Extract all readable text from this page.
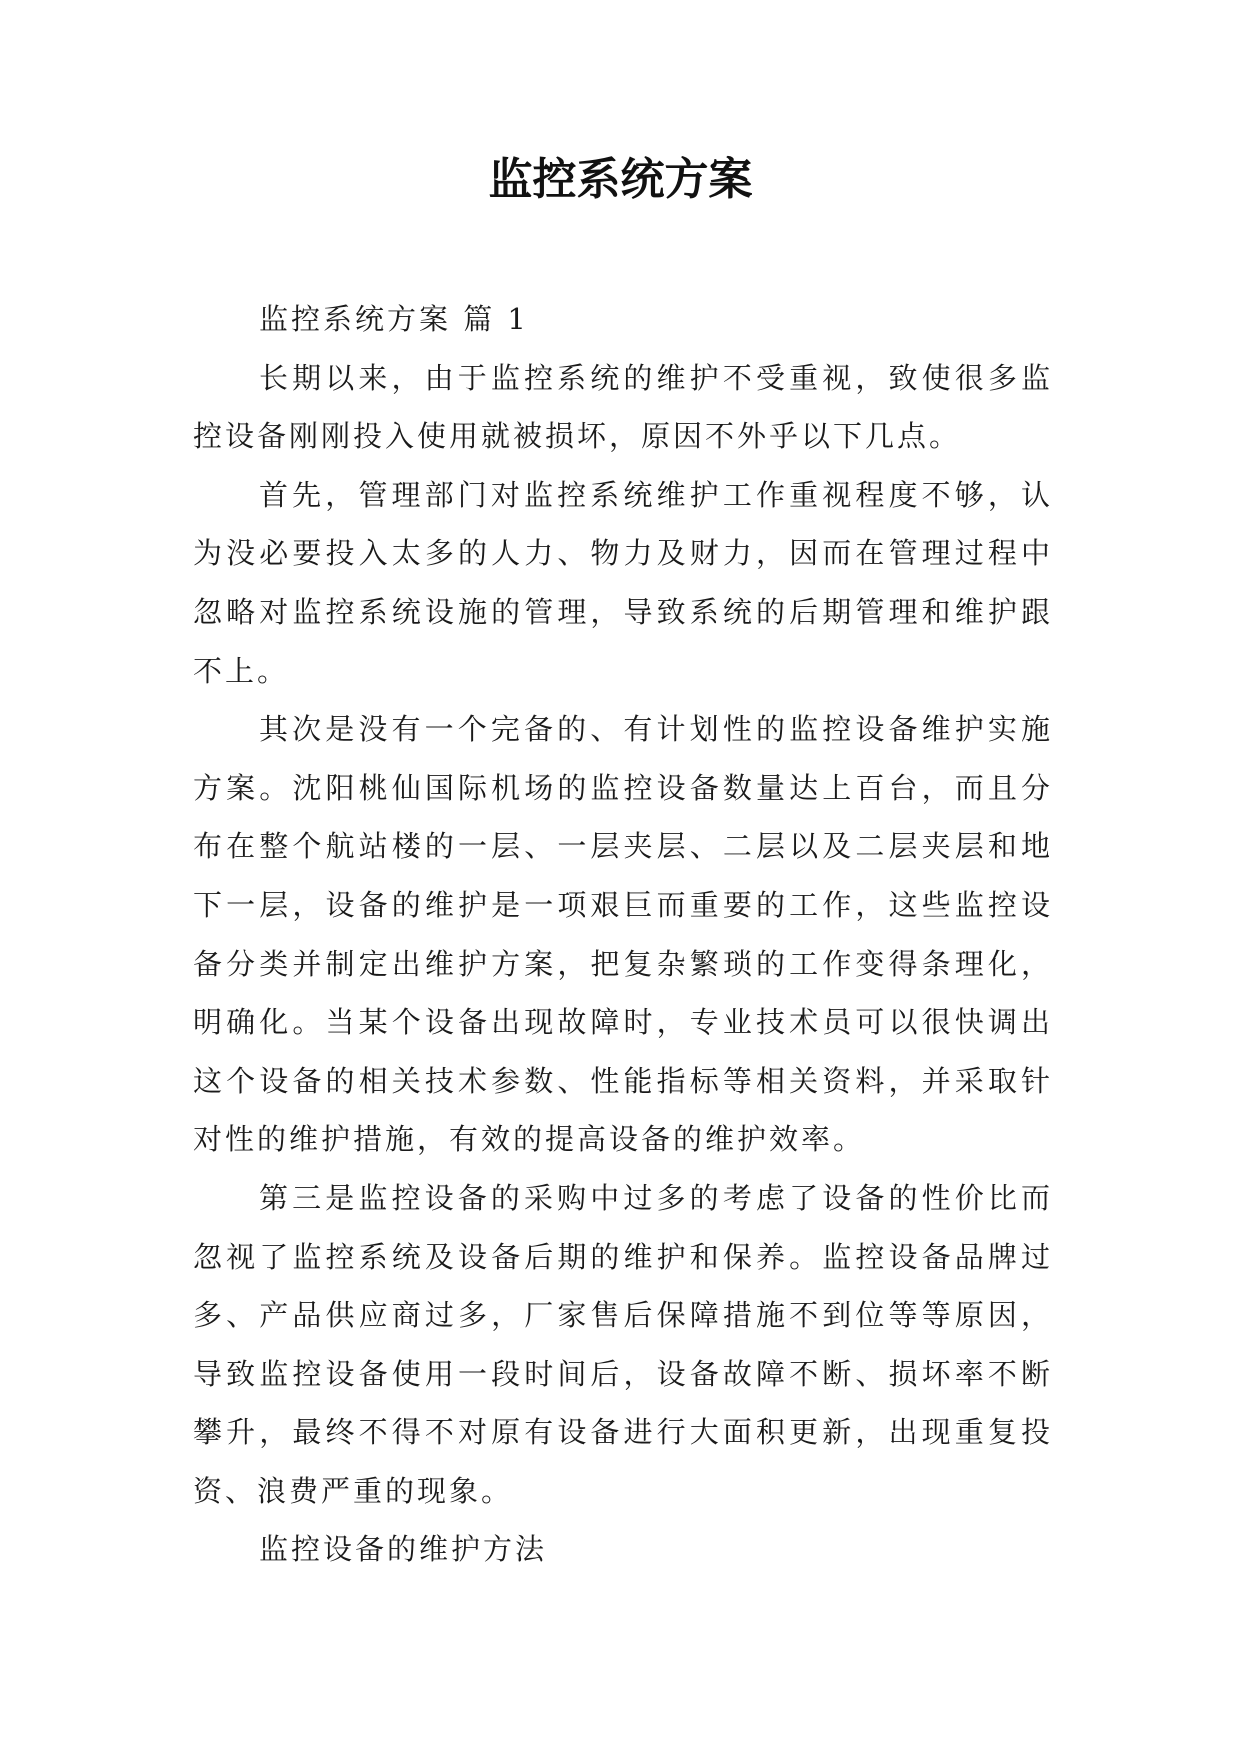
监控系统方案

监控系统方案 篇 1

长期以来，由于监控系统的维护不受重视，致使很多监控设备刚刚投入使用就被损坏，原因不外乎以下几点。

首先，管理部门对监控系统维护工作重视程度不够，认为没必要投入太多的人力、物力及财力，因而在管理过程中忽略对监控系统设施的管理，导致系统的后期管理和维护跟不上。

其次是没有一个完备的、有计划性的监控设备维护实施方案。沈阳桃仙国际机场的监控设备数量达上百台，而且分布在整个航站楼的一层、一层夹层、二层以及二层夹层和地下一层，设备的维护是一项艰巨而重要的工作，这些监控设备分类并制定出维护方案，把复杂繁琐的工作变得条理化，明确化。当某个设备出现故障时，专业技术员可以很快调出这个设备的相关技术参数、性能指标等相关资料，并采取针对性的维护措施，有效的提高设备的维护效率。

第三是监控设备的采购中过多的考虑了设备的性价比而忽视了监控系统及设备后期的维护和保养。监控设备品牌过多、产品供应商过多，厂家售后保障措施不到位等等原因，导致监控设备使用一段时间后，设备故障不断、损坏率不断攀升，最终不得不对原有设备进行大面积更新，出现重复投资、浪费严重的现象。

监控设备的维护方法
